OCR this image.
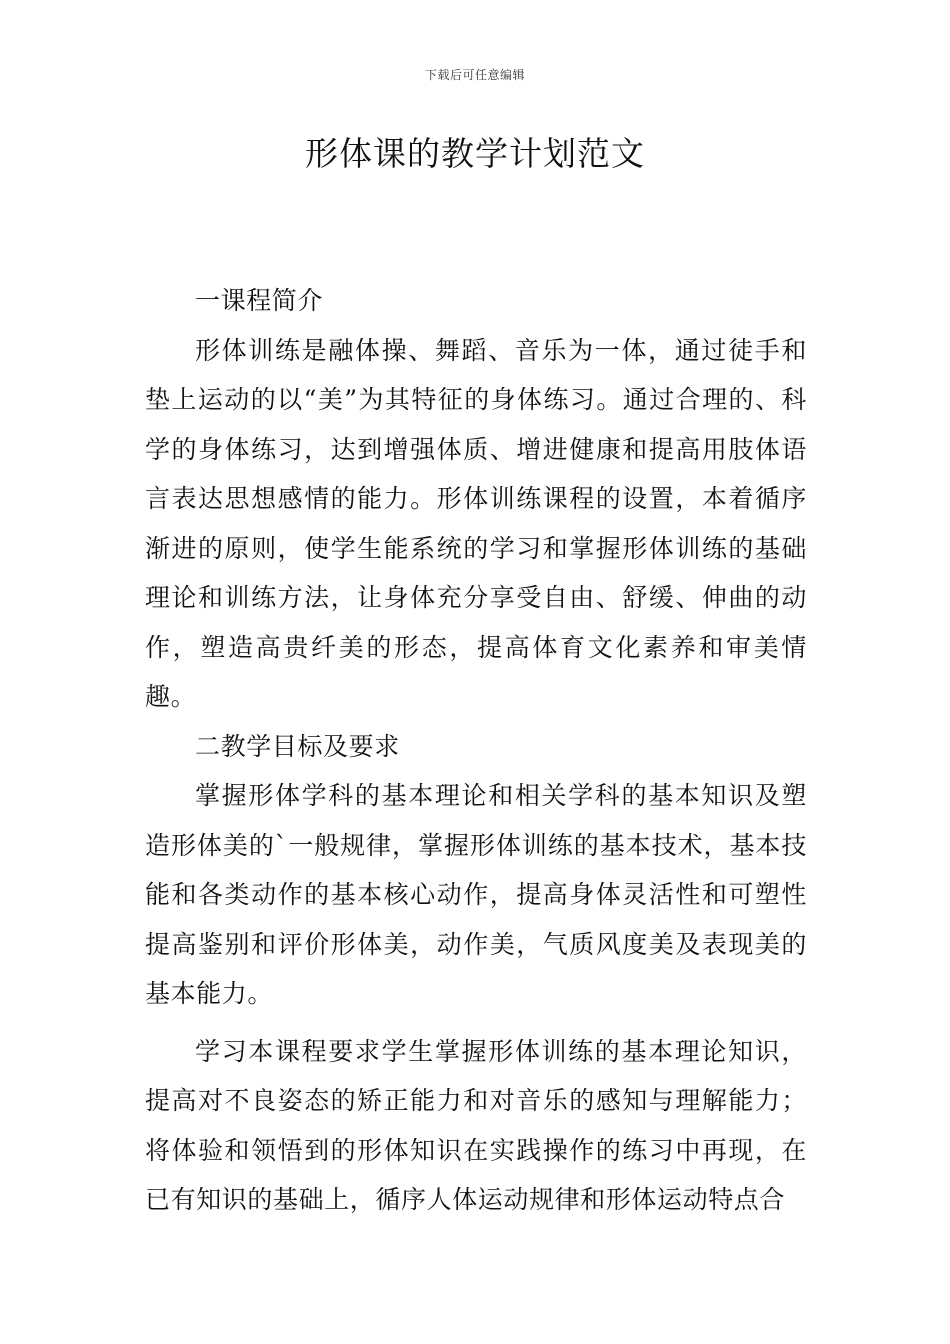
下载后可任意编辑
形体课的教学计划范文

一课程简介

形体训练是融体操、舞蹈、音乐为一体，通过徒手和垫上运动的以“美”为其特征的身体练习。通过合理的、科学的身体练习，达到增强体质、增进健康和提高用肢体语言表达思想感情的能力。形体训练课程的设置，本着循序渐进的原则，使学生能系统的学习和掌握形体训练的基础理论和训练方法，让身体充分享受自由、舒缓、伸曲的动作，塑造高贵纤美的形态，提高体育文化素养和审美情趣。

二教学目标及要求

掌握形体学科的基本理论和相关学科的基本知识及塑造形体美的`一般规律，掌握形体训练的基本技术，基本技能和各类动作的基本核心动作，提高身体灵活性和可塑性提高鉴别和评价形体美，动作美，气质风度美及表现美的基本能力。

学习本课程要求学生掌握形体训练的基本理论知识，提高对不良姿态的矫正能力和对音乐的感知与理解能力；将体验和领悟到的形体知识在实践操作的练习中再现，在已有知识的基础上，循序人体运动规律和形体运动特点合
